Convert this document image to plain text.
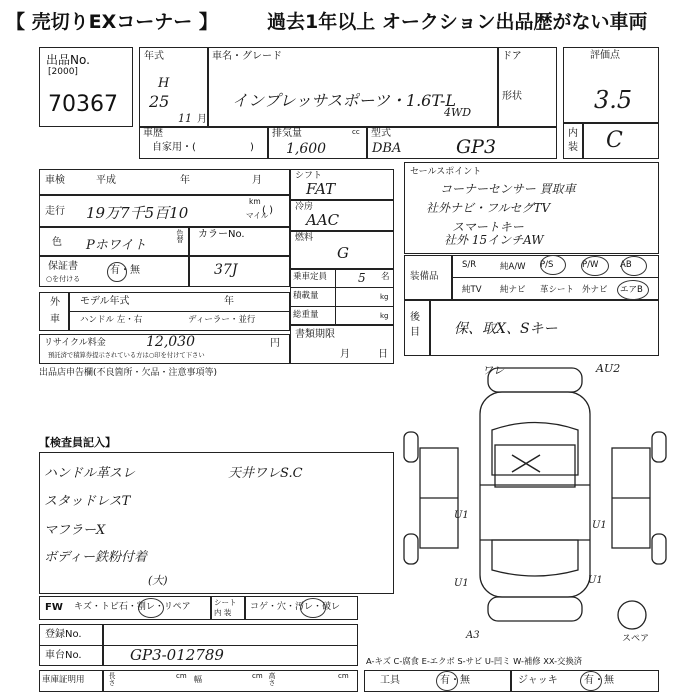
【 売切りEXコーナー 】	過去1年以上 オークション出品歴がない車両
出品No.
[2000]
70367
年式
H
25
11 月
車名・グレード
インプレッサスポーツ・1.6T-L
4WD
ドア
形状
評価点
3.5
内
装 C
車歴
自家用・(	)
排気量	cc
1,600
型式
DBA	GP3
車検	平成	年	月
走行 19万7千5百10
km
マイル
( )
色 Pホワイト
色替 カラーNo.
37J
保証書
○を付ける
有・無
外
車
モデル年式	年
ハンドル 左・右	ディーラー・並行
リサイクル料金	12,030	円
預託済で積算券提示されている方は○印を付けて下さい
書類期限
月	日
シフト
FAT
冷房
AAC
燃料
G
乗車定員	5 名
積載量	kg
総重量	kg
セールスポイント
コーナーセンサー 買取車
社外ナビ・フルセグTV
スマートキー
社外 15インチAW
装備品
S/R	純A/W P/S	P/W	AB
純TV 純ナビ 革シート 外ナビ エアB
後
目 保、取X、Sキー
出品店申告欄(不良箇所・欠品・注意事項等)
【検査員記入】
ハンドル革スレ
スタッドレスT
マフラーX
ボディー鉄粉付着
天井ワレS.C
(大)
ワレ	AU2
U1
U1
U1	U1
A3	スペア
FW キズ・トビ石・割レ・リペア	シート
内 装
コゲ・穴・汚レ・破レ
登録No.
車台No.	GP3-012789
車庫証明用	長さ	cm 幅	cm 高さ	cm
A-キズ C-腐食 E-エクボ S-サビ U-凹ミ W-補修 XX-交換済
工具	有・無	ジャッキ	有・無
